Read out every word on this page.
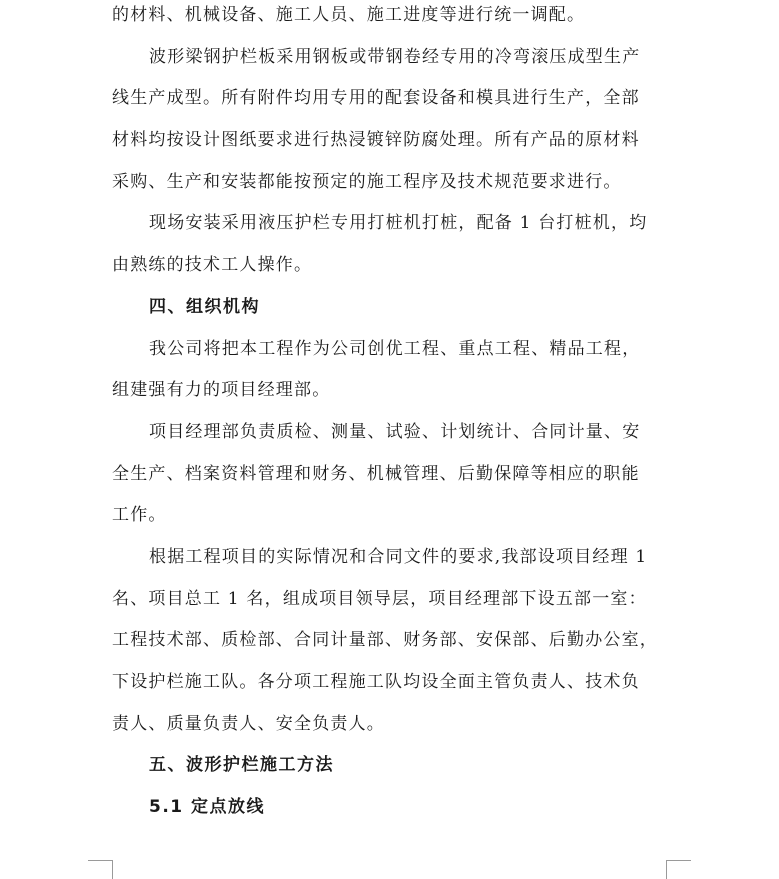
的材料、机械设备、施工人员、施工进度等进行统一调配。
波形梁钢护栏板采用钢板或带钢卷经专用的冷弯滚压成型生产
线生产成型。所有附件均用专用的配套设备和模具进行生产，全部
材料均按设计图纸要求进行热浸镀锌防腐处理。所有产品的原材料
采购、生产和安装都能按预定的施工程序及技术规范要求进行。
现场安装采用液压护栏专用打桩机打桩，配备 1 台打桩机，均
由熟练的技术工人操作。
四、组织机构
我公司将把本工程作为公司创优工程、重点工程、精品工程，
组建强有力的项目经理部。
项目经理部负责质检、测量、试验、计划统计、合同计量、安
全生产、档案资料管理和财务、机械管理、后勤保障等相应的职能
工作。
根据工程项目的实际情况和合同文件的要求,我部设项目经理 1
名、项目总工 1 名，组成项目领导层，项目经理部下设五部一室：
工程技术部、质检部、合同计量部、财务部、安保部、后勤办公室，
下设护栏施工队。各分项工程施工队均设全面主管负责人、技术负
责人、质量负责人、安全负责人。
五、波形护栏施工方法
5.1 定点放线
